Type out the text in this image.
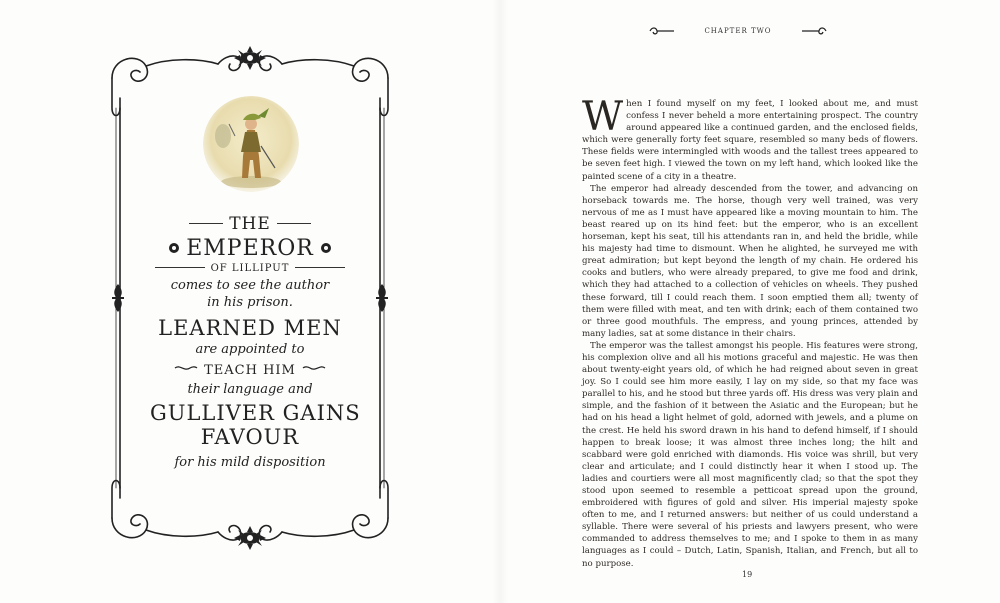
THE
EMPEROR
OF LILLIPUT
comes to see the author
in his prison.
LEARNED MEN
are appointed to
TEACH HIM
their language and
GULLIVER GAINS
FAVOUR
for his mild disposition
CHAPTER TWO

When I found myself on my feet, I looked about me, and must confess I never beheld a more entertaining prospect. The country around appeared like a continued garden, and the enclosed fields, which were generally forty feet square, resembled so many beds of flowers. These fields were intermingled with woods and the tallest trees appeared to be seven feet high. I viewed the town on my left hand, which looked like the painted scene of a city in a theatre.

The emperor had already descended from the tower, and advancing on horseback towards me. The horse, though very well trained, was very nervous of me as I must have appeared like a moving mountain to him. The beast reared up on its hind feet: but the emperor, who is an excellent horseman, kept his seat, till his attendants ran in, and held the bridle, while his majesty had time to dismount. When he alighted, he surveyed me with great admiration; but kept beyond the length of my chain. He ordered his cooks and butlers, who were already prepared, to give me food and drink, which they had attached to a collection of vehicles on wheels. They pushed these forward, till I could reach them. I soon emptied them all; twenty of them were filled with meat, and ten with drink; each of them contained two or three good mouthfuls. The empress, and young princes, attended by many ladies, sat at some distance in their chairs.

The emperor was the tallest amongst his people. His features were strong, his complexion olive and all his motions graceful and majestic. He was then about twenty-eight years old, of which he had reigned about seven in great joy. So I could see him more easily, I lay on my side, so that my face was parallel to his, and he stood but three yards off. His dress was very plain and simple, and the fashion of it between the Asiatic and the European; but he had on his head a light helmet of gold, adorned with jewels, and a plume on the crest. He held his sword drawn in his hand to defend himself, if I should happen to break loose; it was almost three inches long; the hilt and scabbard were gold enriched with diamonds. His voice was shrill, but very clear and articulate; and I could distinctly hear it when I stood up. The ladies and courtiers were all most magnificently clad; so that the spot they stood upon seemed to resemble a petticoat spread upon the ground, embroidered with figures of gold and silver. His imperial majesty spoke often to me, and I returned answers: but neither of us could understand a syllable. There were several of his priests and lawyers present, who were commanded to address themselves to me; and I spoke to them in as many languages as I could – Dutch, Latin, Spanish, Italian, and French, but all to no purpose.

19
